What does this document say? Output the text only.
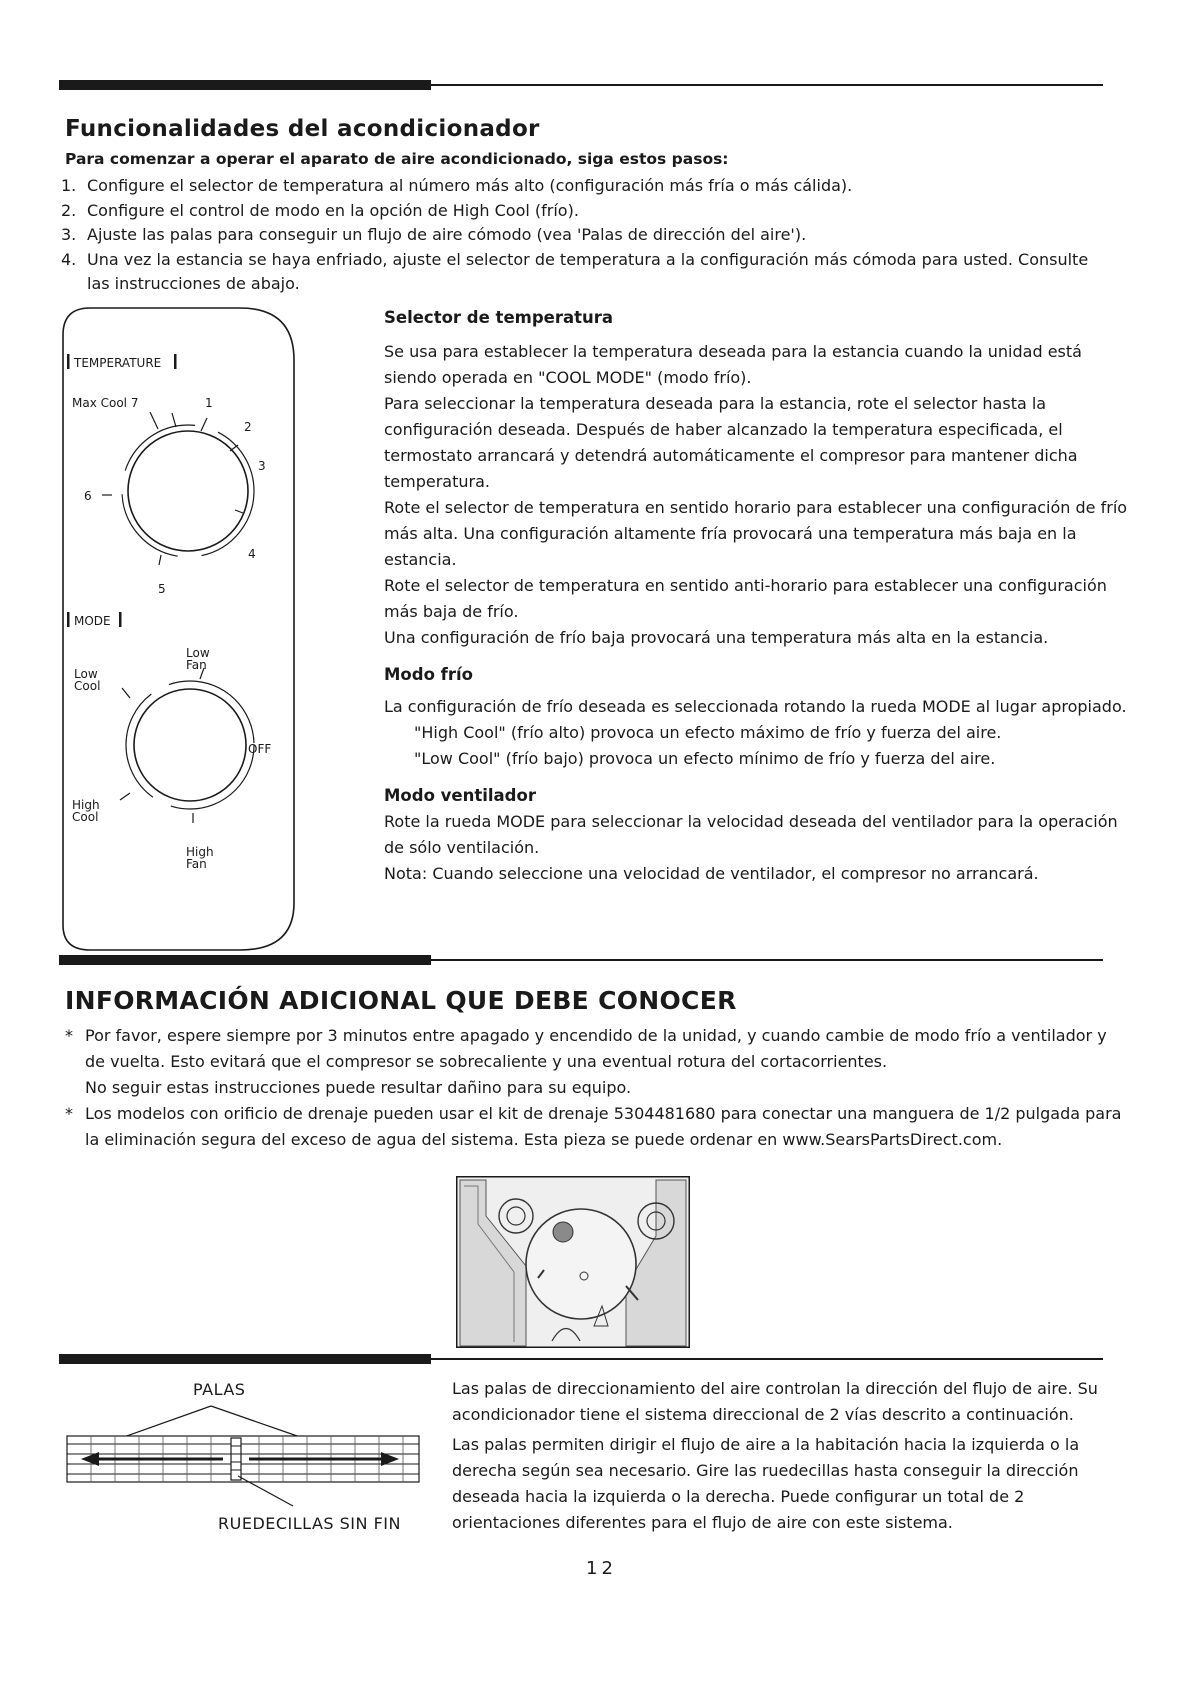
Funcionalidades del acondicionador
Para comenzar a operar el aparato de aire acondicionado, siga estos pasos:
1. Configure el selector de temperatura al número más alto (configuración más fría o más cálida).
2. Configure el control de modo en la opción de High Cool (frío).
3. Ajuste las palas para conseguir un flujo de aire cómodo (vea 'Palas de dirección del aire').
4. Una vez la estancia se haya enfriado, ajuste el selector de temperatura a la configuración más cómoda para usted. Consulte las instrucciones de abajo.
TEMPERATURE
Max Cool 7	1
2
3
4
5
6
MODE
Low Cool
Low Fan
OFF
High Cool
High Fan
Selector de temperatura

Se usa para establecer la temperatura deseada para la estancia cuando la unidad está siendo operada en "COOL MODE" (modo frío).

Para seleccionar la temperatura deseada para la estancia, rote el selector hasta la configuración deseada. Después de haber alcanzado la temperatura especificada, el termostato arrancará y detendrá automáticamente el compresor para mantener dicha temperatura.

Rote el selector de temperatura en sentido horario para establecer una configuración de frío más alta. Una configuración altamente fría provocará una temperatura más baja en la estancia.

Rote el selector de temperatura en sentido anti-horario para establecer una configuración más baja de frío.

Una configuración de frío baja provocará una temperatura más alta en la estancia.

Modo frío

La configuración de frío deseada es seleccionada rotando la rueda MODE al lugar apropiado.

"High Cool" (frío alto) provoca un efecto máximo de frío y fuerza del aire.

"Low Cool" (frío bajo) provoca un efecto mínimo de frío y fuerza del aire.

Modo ventilador

Rote la rueda MODE para seleccionar la velocidad deseada del ventilador para la operación de sólo ventilación.

Nota: Cuando seleccione una velocidad de ventilador, el compresor no arrancará.

INFORMACIÓN ADICIONAL QUE DEBE CONOCER
* Por favor, espere siempre por 3 minutos entre apagado y encendido de la unidad, y cuando cambie de modo frío a ventilador y de vuelta. Esto evitará que el compresor se sobrecaliente y una eventual rotura del cortacorrientes.
No seguir estas instrucciones puede resultar dañino para su equipo.
* Los modelos con orificio de drenaje pueden usar el kit de drenaje 5304481680 para conectar una manguera de 1/2 pulgada para la eliminación segura del exceso de agua del sistema. Esta pieza se puede ordenar en www.SearsPartsDirect.com.
PALAS
RUEDECILLAS SIN FIN

Las palas de direccionamiento del aire controlan la dirección del flujo de aire. Su acondicionador tiene el sistema direccional de 2 vías descrito a continuación.

Las palas permiten dirigir el flujo de aire a la habitación hacia la izquierda o la derecha según sea necesario. Gire las ruedecillas hasta conseguir la dirección deseada hacia la izquierda o la derecha. Puede configurar un total de 2 orientaciones diferentes para el flujo de aire con este sistema.

12
